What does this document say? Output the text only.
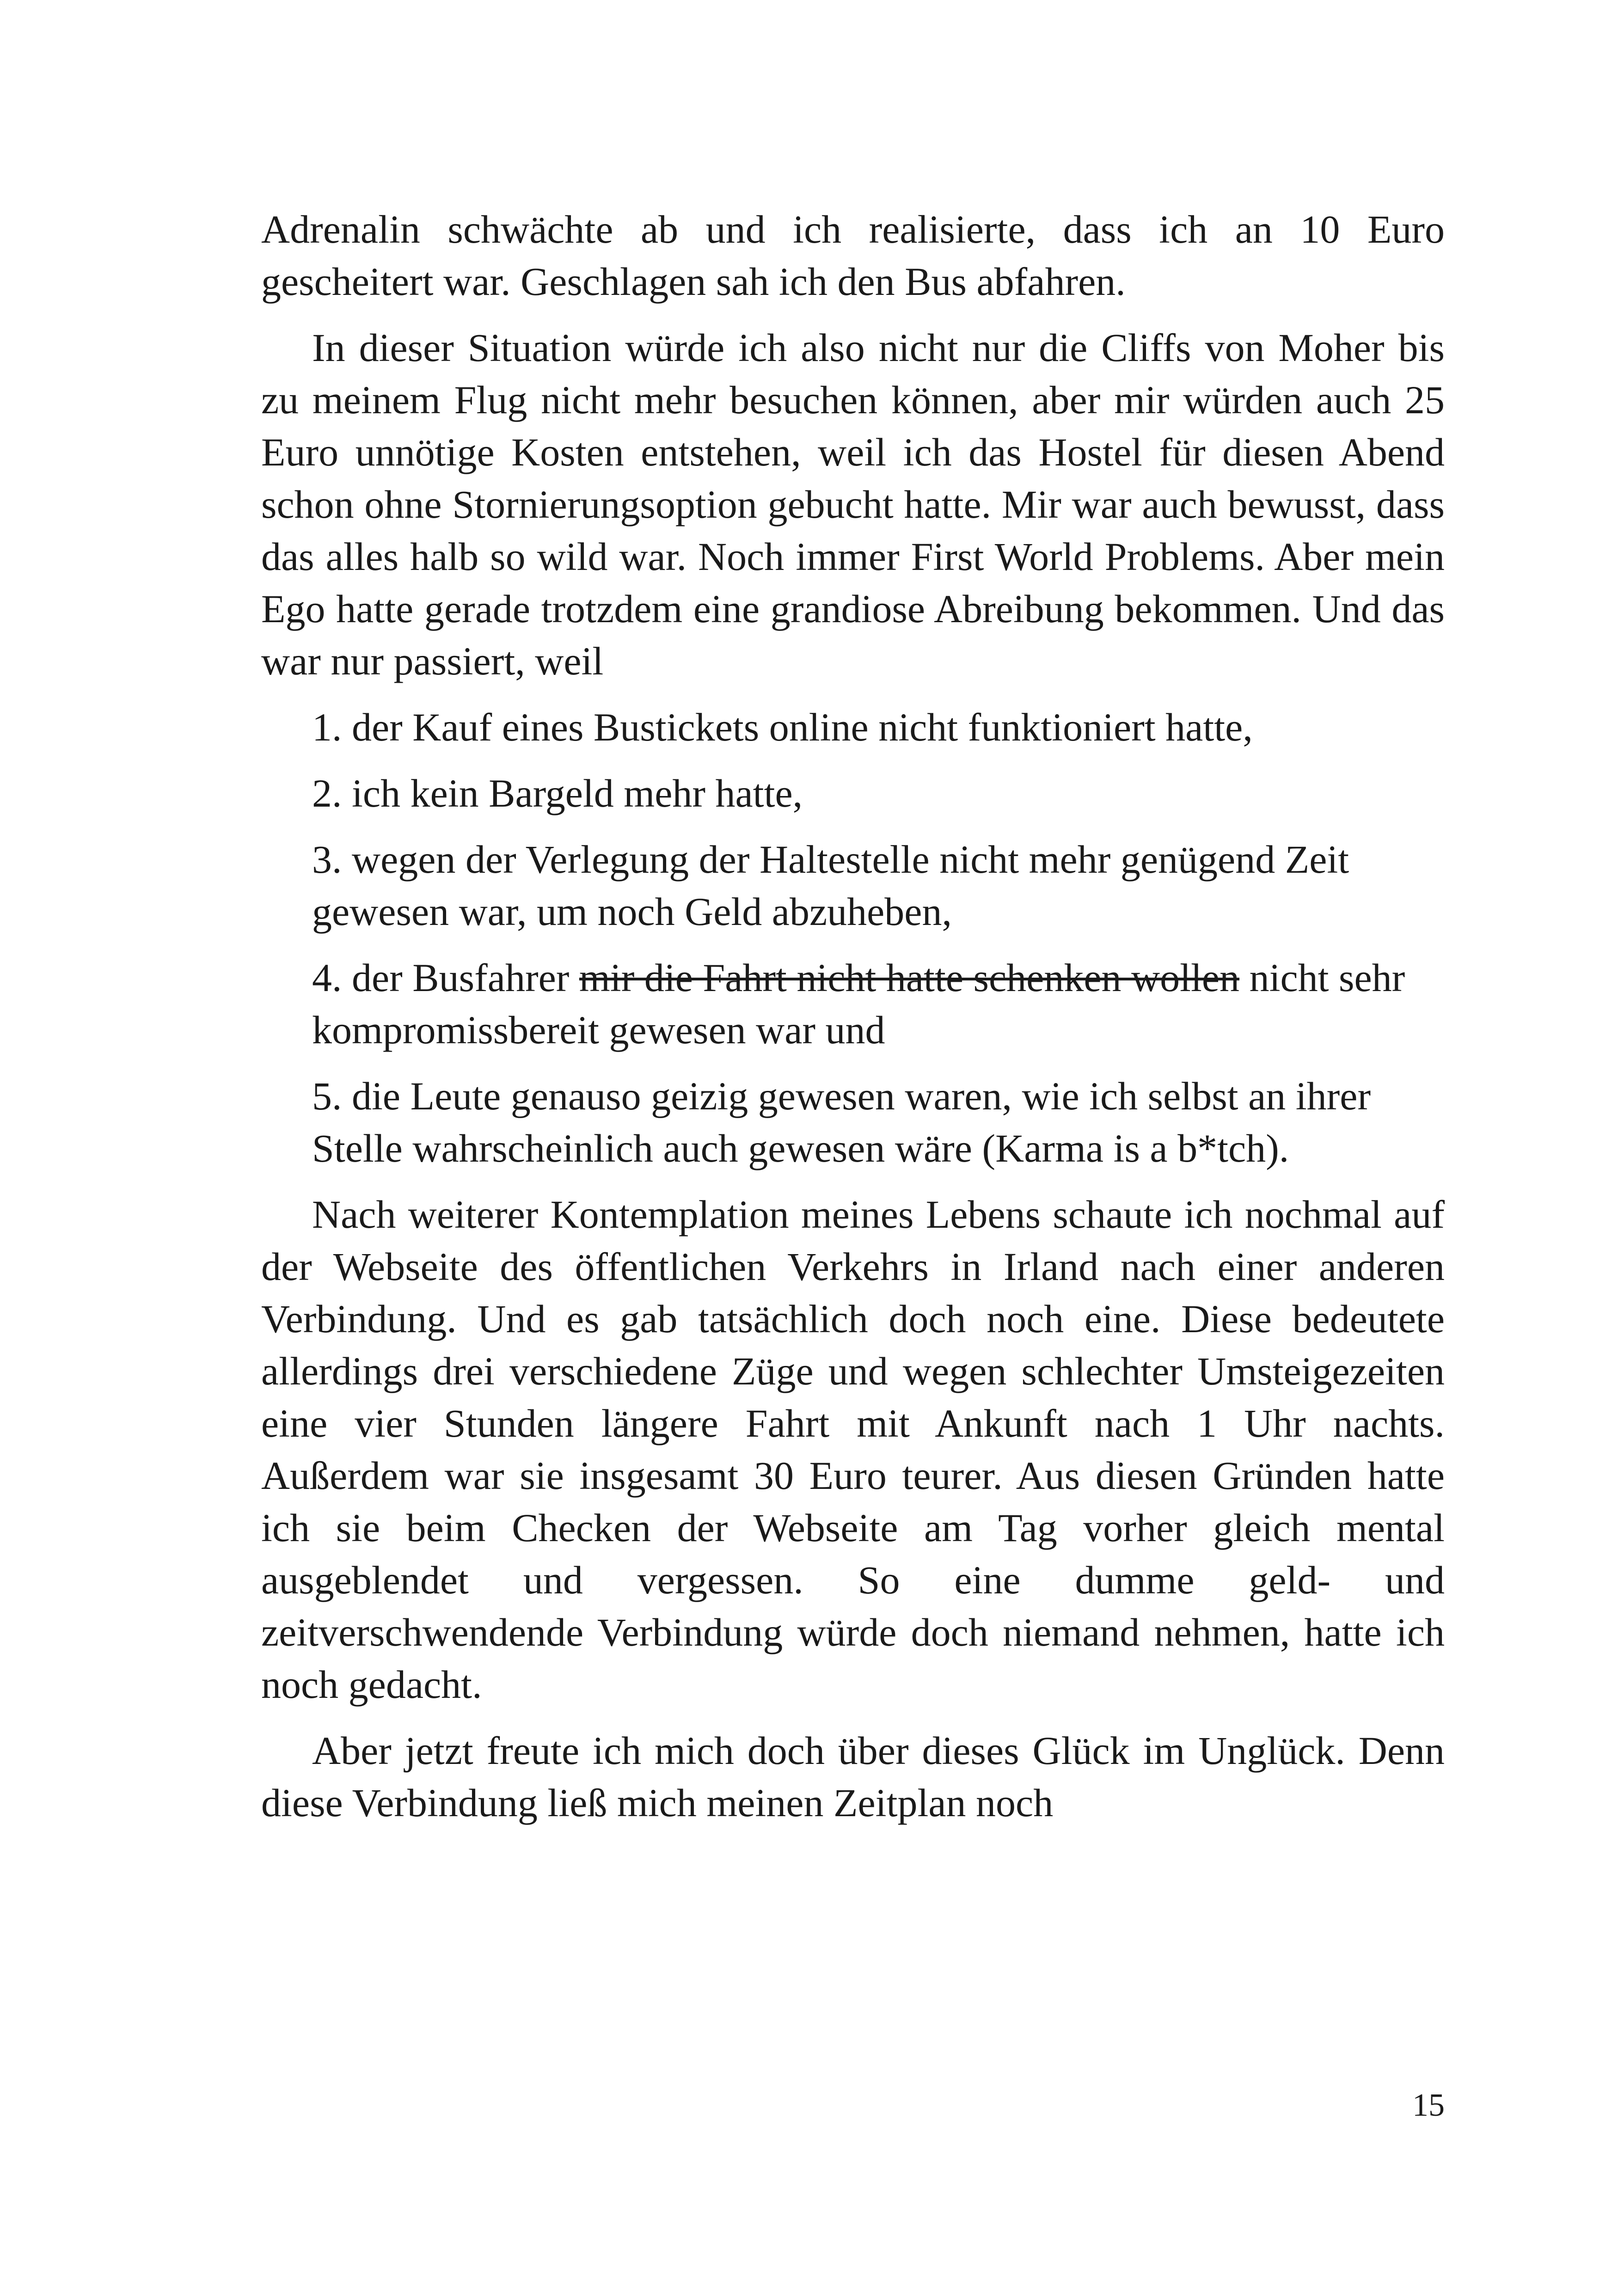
Adrenalin schwächte ab und ich realisierte, dass ich an 10 Euro gescheitert war. Geschlagen sah ich den Bus abfahren.

In dieser Situation würde ich also nicht nur die Cliffs von Moher bis zu meinem Flug nicht mehr besuchen können, aber mir würden auch 25 Euro unnötige Kosten entstehen, weil ich das Hostel für diesen Abend schon ohne Stornierungsoption gebucht hatte. Mir war auch bewusst, dass das alles halb so wild war. Noch immer First World Problems. Aber mein Ego hatte gerade trotzdem eine grandiose Abreibung bekommen. Und das war nur passiert, weil

1. der Kauf eines Bustickets online nicht funktioniert hatte,

2. ich kein Bargeld mehr hatte,

3. wegen der Verlegung der Haltestelle nicht mehr genügend Zeit gewesen war, um noch Geld abzuheben,

4. der Busfahrer mir die Fahrt nicht hatte schenken wollen nicht sehr kompromissbereit gewesen war und

5. die Leute genauso geizig gewesen waren, wie ich selbst an ihrer Stelle wahrscheinlich auch gewesen wäre (Karma is a b*tch).

Nach weiterer Kontemplation meines Lebens schaute ich nochmal auf der Webseite des öffentlichen Verkehrs in Irland nach einer anderen Verbindung. Und es gab tatsächlich doch noch eine. Diese bedeutete allerdings drei verschiedene Züge und wegen schlechter Umsteigezeiten eine vier Stunden längere Fahrt mit Ankunft nach 1 Uhr nachts. Außerdem war sie insgesamt 30 Euro teurer. Aus diesen Gründen hatte ich sie beim Checken der Webseite am Tag vorher gleich mental ausgeblendet und vergessen. So eine dumme geld- und zeitverschwendende Verbindung würde doch niemand nehmen, hatte ich noch gedacht.

Aber jetzt freute ich mich doch über dieses Glück im Unglück. Denn diese Verbindung ließ mich meinen Zeitplan noch

15
